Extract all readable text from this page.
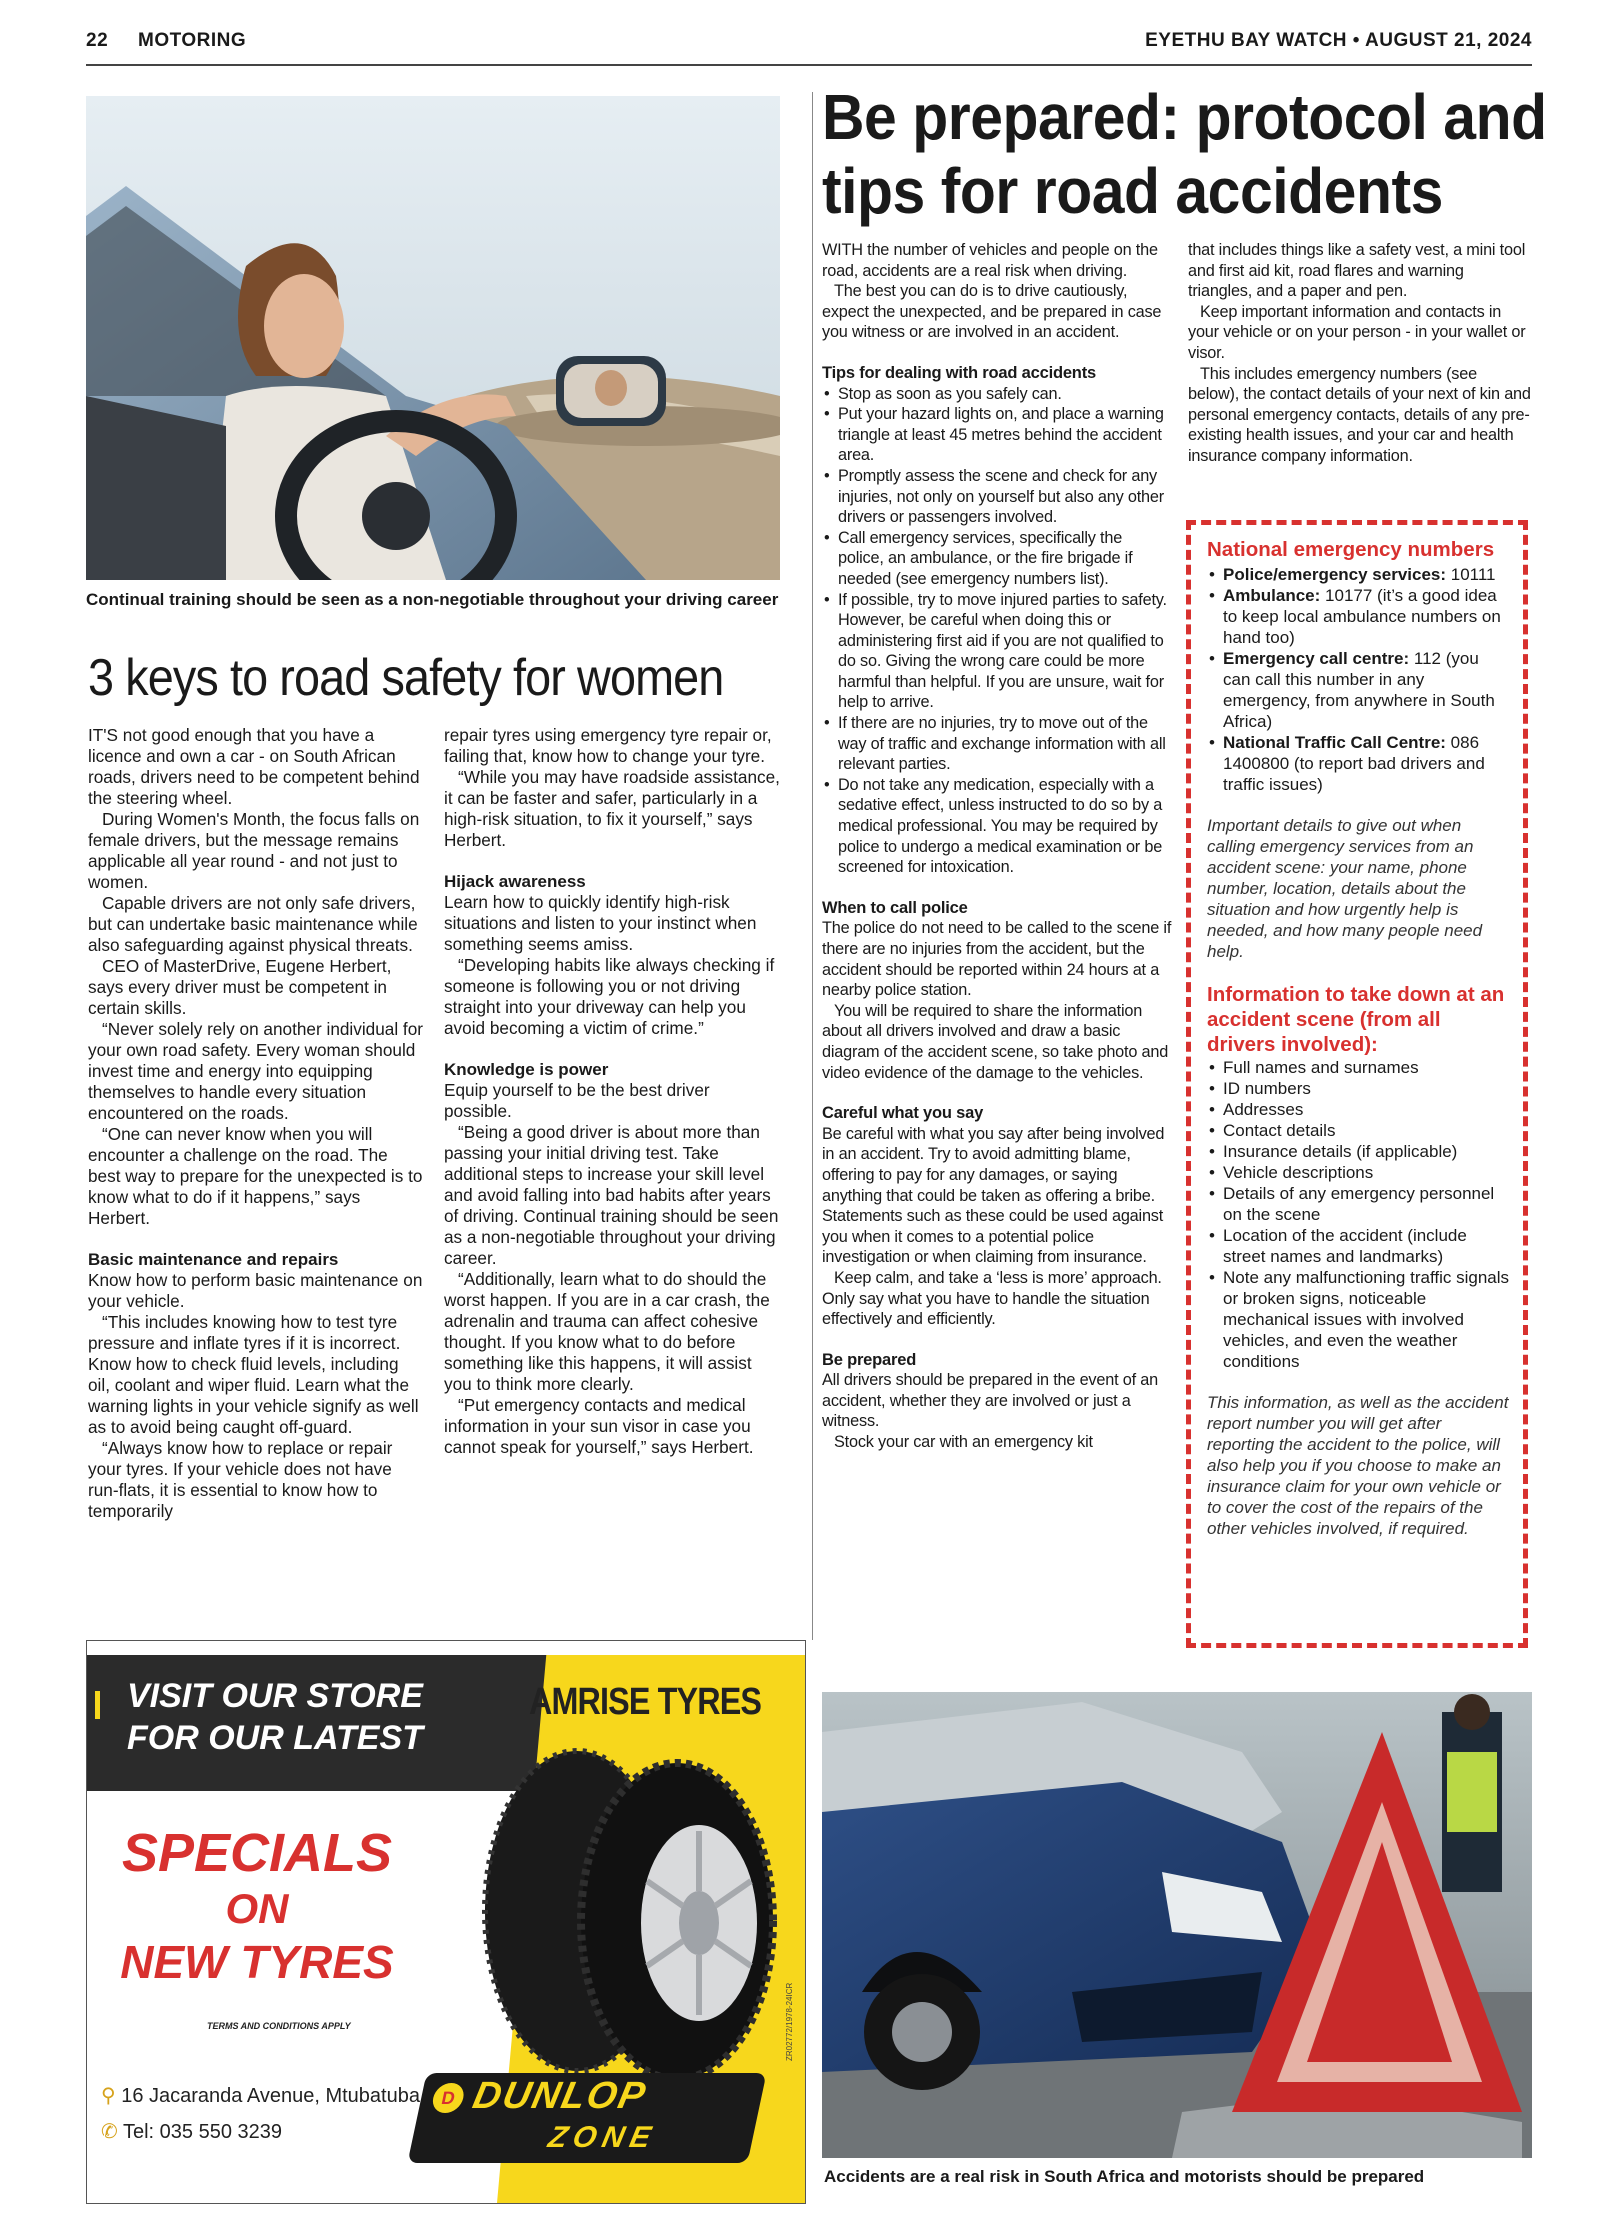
22 MOTORING	EYETHU BAY WATCH • AUGUST 21, 2024
Continual training should be seen as a non-negotiable throughout your driving career
3 keys to road safety for women

IT'S not good enough that you have a licence and own a car - on South African roads, drivers need to be competent behind the steering wheel.

During Women's Month, the focus falls on female drivers, but the message remains applicable all year round - and not just to women.

Capable drivers are not only safe drivers, but can undertake basic maintenance while also safeguarding against physical threats.

CEO of MasterDrive, Eugene Herbert, says every driver must be competent in certain skills.

“Never solely rely on another individual for your own road safety. Every woman should invest time and energy into equipping themselves to handle every situation encountered on the roads.

“One can never know when you will encounter a challenge on the road. The best way to prepare for the unexpected is to know what to do if it happens,” says Herbert.

Basic maintenance and repairs

Know how to perform basic maintenance on your vehicle.

“This includes knowing how to test tyre pressure and inflate tyres if it is incorrect. Know how to check fluid levels, including oil, coolant and wiper fluid. Learn what the warning lights in your vehicle signify as well as to avoid being caught off-guard.

“Always know how to replace or repair your tyres. If your vehicle does not have run-flats, it is essential to know how to temporarily

repair tyres using emergency tyre repair or, failing that, know how to change your tyre.

“While you may have roadside assistance, it can be faster and safer, particularly in a high-risk situation, to fix it yourself,” says Herbert.

Hijack awareness

Learn how to quickly identify high-risk situations and listen to your instinct when something seems amiss.

“Developing habits like always checking if someone is following you or not driving straight into your driveway can help you avoid becoming a victim of crime.”

Knowledge is power

Equip yourself to be the best driver possible.

“Being a good driver is about more than passing your initial driving test. Take additional steps to increase your skill level and avoid falling into bad habits after years of driving. Continual training should be seen as a non-negotiable throughout your driving career.

“Additionally, learn what to do should the worst happen. If you are in a car crash, the adrenalin and trauma can affect cohesive thought. If you know what to do before something like this happens, it will assist you to think more clearly.

“Put emergency contacts and medical information in your sun visor in case you cannot speak for yourself,” says Herbert.

VISIT OUR STORE
FOR OUR LATEST
AMRISE TYRES
SPECIALS
ON
NEW TYRES
TERMS AND CONDITIONS APPLY
⚲ 16 Jacaranda Avenue, Mtubatuba
✆ Tel: 035 550 3239
D DUNLOP
ZONE
ZR02772/1978-24ICR
Be prepared: protocol and
tips for road accidents

WITH the number of vehicles and people on the road, accidents are a real risk when driving.

The best you can do is to drive cautiously, expect the unexpected, and be prepared in case you witness or are involved in an accident.

Tips for dealing with road accidents
• Stop as soon as you safely can.
• Put your hazard lights on, and place a warning triangle at least 45 metres behind the accident area.
• Promptly assess the scene and check for any injuries, not only on yourself but also any other drivers or passengers involved.
• Call emergency services, specifically the police, an ambulance, or the fire brigade if needed (see emergency numbers list).
• If possible, try to move injured parties to safety. However, be careful when doing this or administering first aid if you are not qualified to do so. Giving the wrong care could be more harmful than helpful. If you are unsure, wait for help to arrive.
• If there are no injuries, try to move out of the way of traffic and exchange information with all relevant parties.
• Do not take any medication, especially with a sedative effect, unless instructed to do so by a medical professional. You may be required by police to undergo a medical examination or be screened for intoxication.
When to call police

The police do not need to be called to the scene if there are no injuries from the accident, but the accident should be reported within 24 hours at a nearby police station.

You will be required to share the information about all drivers involved and draw a basic diagram of the accident scene, so take photo and video evidence of the damage to the vehicles.

Careful what you say

Be careful with what you say after being involved in an accident. Try to avoid admitting blame, offering to pay for any damages, or saying anything that could be taken as offering a bribe. Statements such as these could be used against you when it comes to a potential police investigation or when claiming from insurance.

Keep calm, and take a ‘less is more’ approach. Only say what you have to handle the situation effectively and efficiently.

Be prepared

All drivers should be prepared in the event of an accident, whether they are involved or just a witness.

Stock your car with an emergency kit

that includes things like a safety vest, a mini tool and first aid kit, road flares and warning triangles, and a paper and pen.

Keep important information and contacts in your vehicle or on your person - in your wallet or visor.

This includes emergency numbers (see below), the contact details of your next of kin and personal emergency contacts, details of any pre-existing health issues, and your car and health insurance company information.

National emergency numbers
• Police/emergency services: 10111
• Ambulance: 10177 (it’s a good idea to keep local ambulance numbers on hand too)
• Emergency call centre: 112 (you can call this number in any emergency, from anywhere in South Africa)
• National Traffic Call Centre: 086 1400800 (to report bad drivers and traffic issues)
Important details to give out when calling emergency services from an accident scene: your name, phone number, location, details about the situation and how urgently help is needed, and how many people need help.
Information to take down at an accident scene (from all drivers involved):
• Full names and surnames
• ID numbers
• Addresses
• Contact details
• Insurance details (if applicable)
• Vehicle descriptions
• Details of any emergency personnel on the scene
• Location of the accident (include street names and landmarks)
• Note any malfunctioning traffic signals or broken signs, noticeable mechanical issues with involved vehicles, and even the weather conditions
This information, as well as the accident report number you will get after reporting the accident to the police, will also help you if you choose to make an insurance claim for your own vehicle or to cover the cost of the repairs of the other vehicles involved, if required.
Accidents are a real risk in South Africa and motorists should be prepared
